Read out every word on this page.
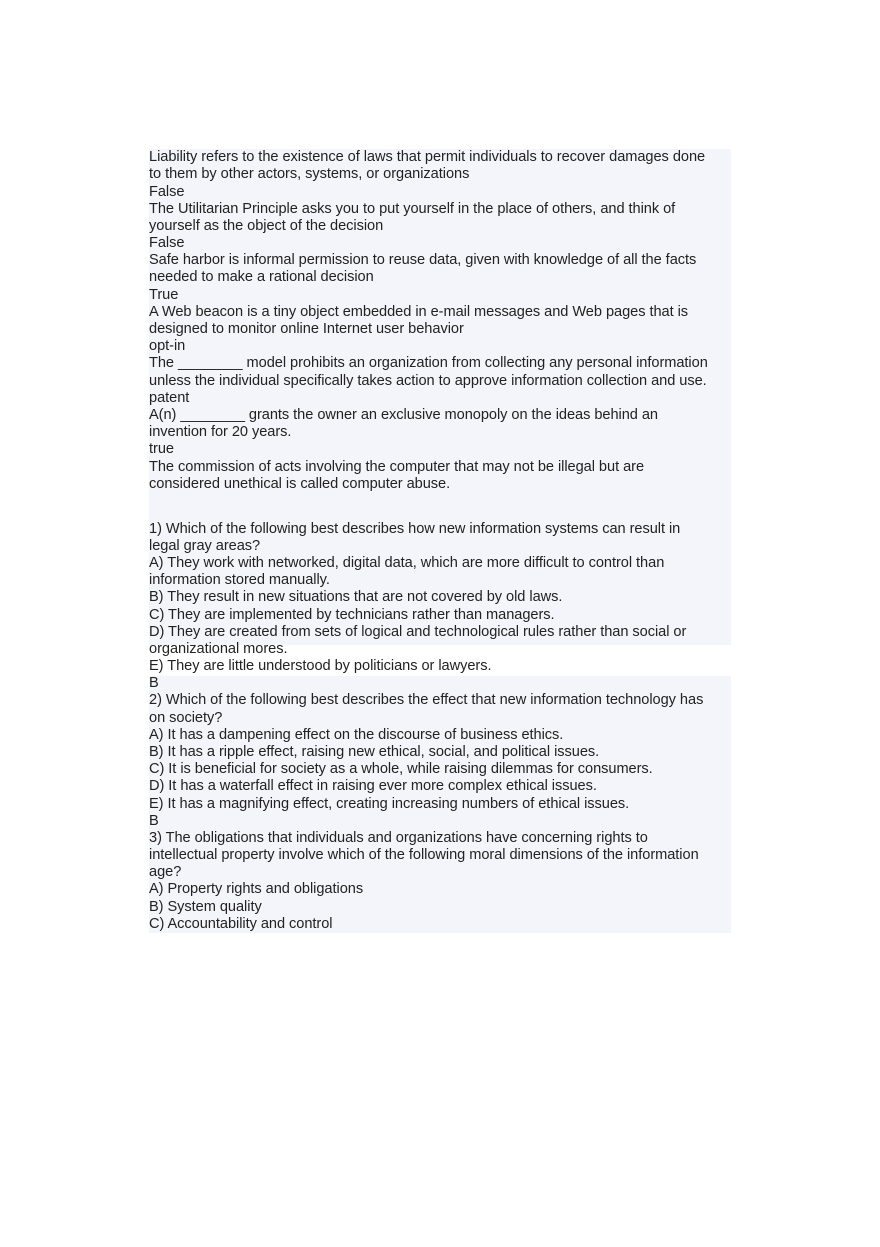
Liability refers to the existence of laws that permit individuals to recover damages done
to them by other actors, systems, or organizations
False
The Utilitarian Principle asks you to put yourself in the place of others, and think of
yourself as the object of the decision
False
Safe harbor is informal permission to reuse data, given with knowledge of all the facts
needed to make a rational decision
True
A Web beacon is a tiny object embedded in e-mail messages and Web pages that is
designed to monitor online Internet user behavior
opt-in
The ________ model prohibits an organization from collecting any personal information
unless the individual specifically takes action to approve information collection and use.
patent
A(n) ________ grants the owner an exclusive monopoly on the ideas behind an
invention for 20 years.
true
The commission of acts involving the computer that may not be illegal but are
considered unethical is called computer abuse.
1) Which of the following best describes how new information systems can result in
legal gray areas?
A) They work with networked, digital data, which are more difficult to control than
information stored manually.
B) They result in new situations that are not covered by old laws.
C) They are implemented by technicians rather than managers.
D) They are created from sets of logical and technological rules rather than social or
organizational mores.
E) They are little understood by politicians or lawyers.
B
2) Which of the following best describes the effect that new information technology has
on society?
A) It has a dampening effect on the discourse of business ethics.
B) It has a ripple effect, raising new ethical, social, and political issues.
C) It is beneficial for society as a whole, while raising dilemmas for consumers.
D) It has a waterfall effect in raising ever more complex ethical issues.
E) It has a magnifying effect, creating increasing numbers of ethical issues.
B
3) The obligations that individuals and organizations have concerning rights to
intellectual property involve which of the following moral dimensions of the information
age?
A) Property rights and obligations
B) System quality
C) Accountability and control
